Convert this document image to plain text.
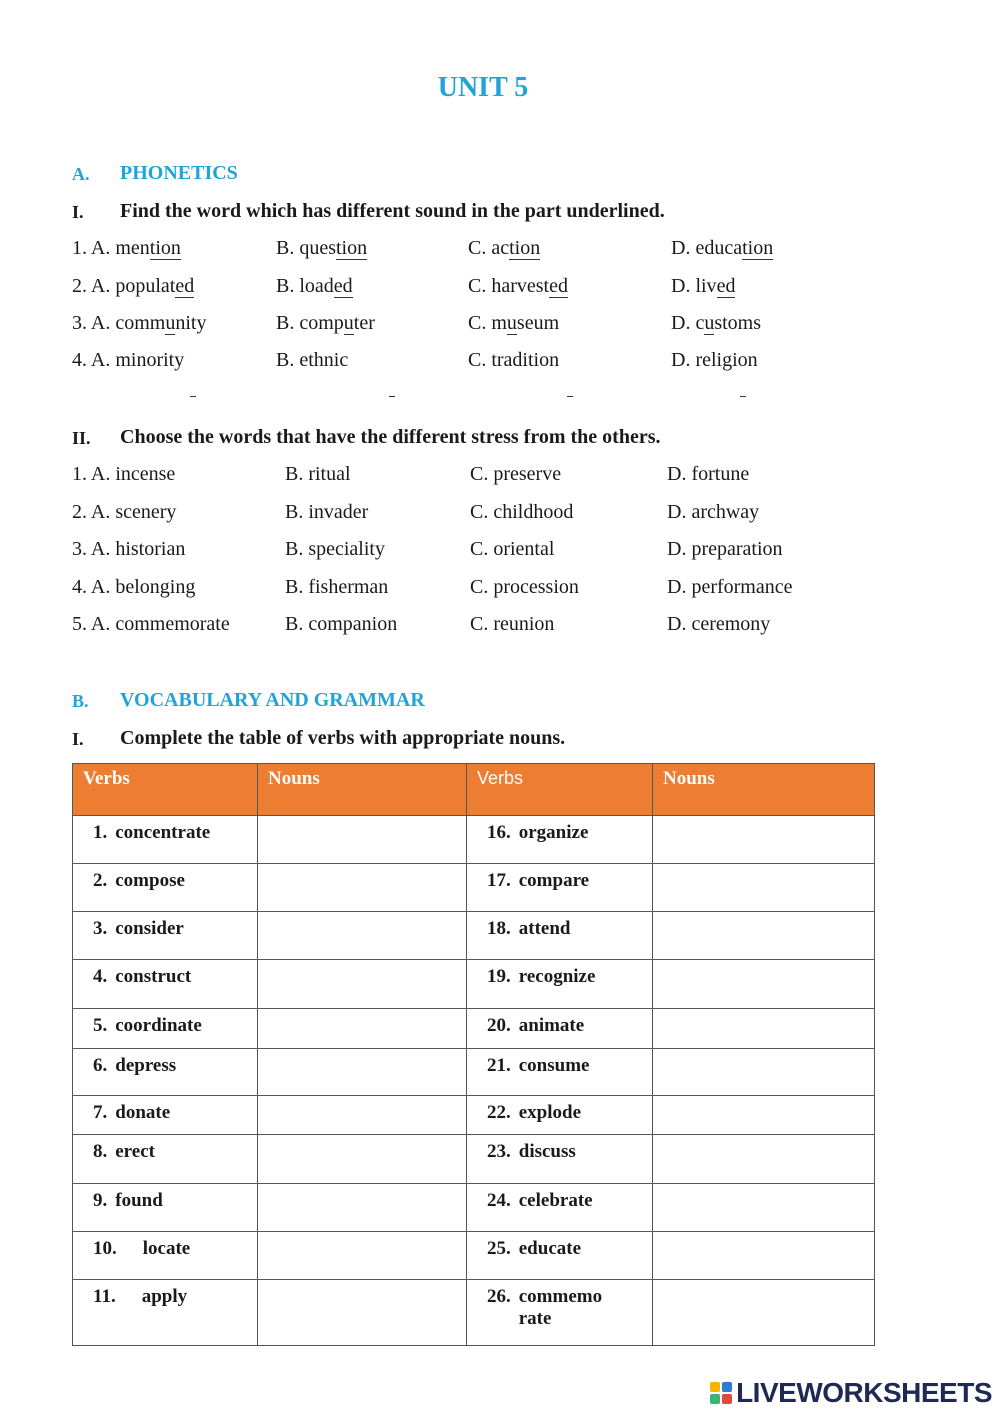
UNIT 5
A. PHONETICS
I. Find the word which has different sound in the part underlined.
1. A. mention	B. question	C. action	D. education
2. A. populated	B. loaded	C. harvested	D. lived
3. A. community	B. computer	C. museum	D. customs
4. A. minority	B. ethnic	C. tradition	D. religion
II. Choose the words that have the different stress from the others.
1. A. incense	B. ritual	C. preserve	D. fortune
2. A. scenery	B. invader	C. childhood	D. archway
3. A. historian	B. speciality	C. oriental	D. preparation
4. A. belonging	B. fisherman	C. procession	D. performance
5. A. commemorate	B. companion	C. reunion	D. ceremony
B. VOCABULARY AND GRAMMAR
I. Complete the table of verbs with appropriate nouns.
Verbs	Nouns	Verbs	Nouns

1. concentrate		16. organize	

2. compose		17. compare	

3. consider		18. attend	

4. construct		19. recognize	

5. coordinate		20. animate	

6. depress		21. consume	

7. donate		22. explode	

8. erect		23. discuss	

9. found		24. celebrate	

10. locate		25. educate	

11. apply		26. commemorate	

LIVEWORKSHEETS
